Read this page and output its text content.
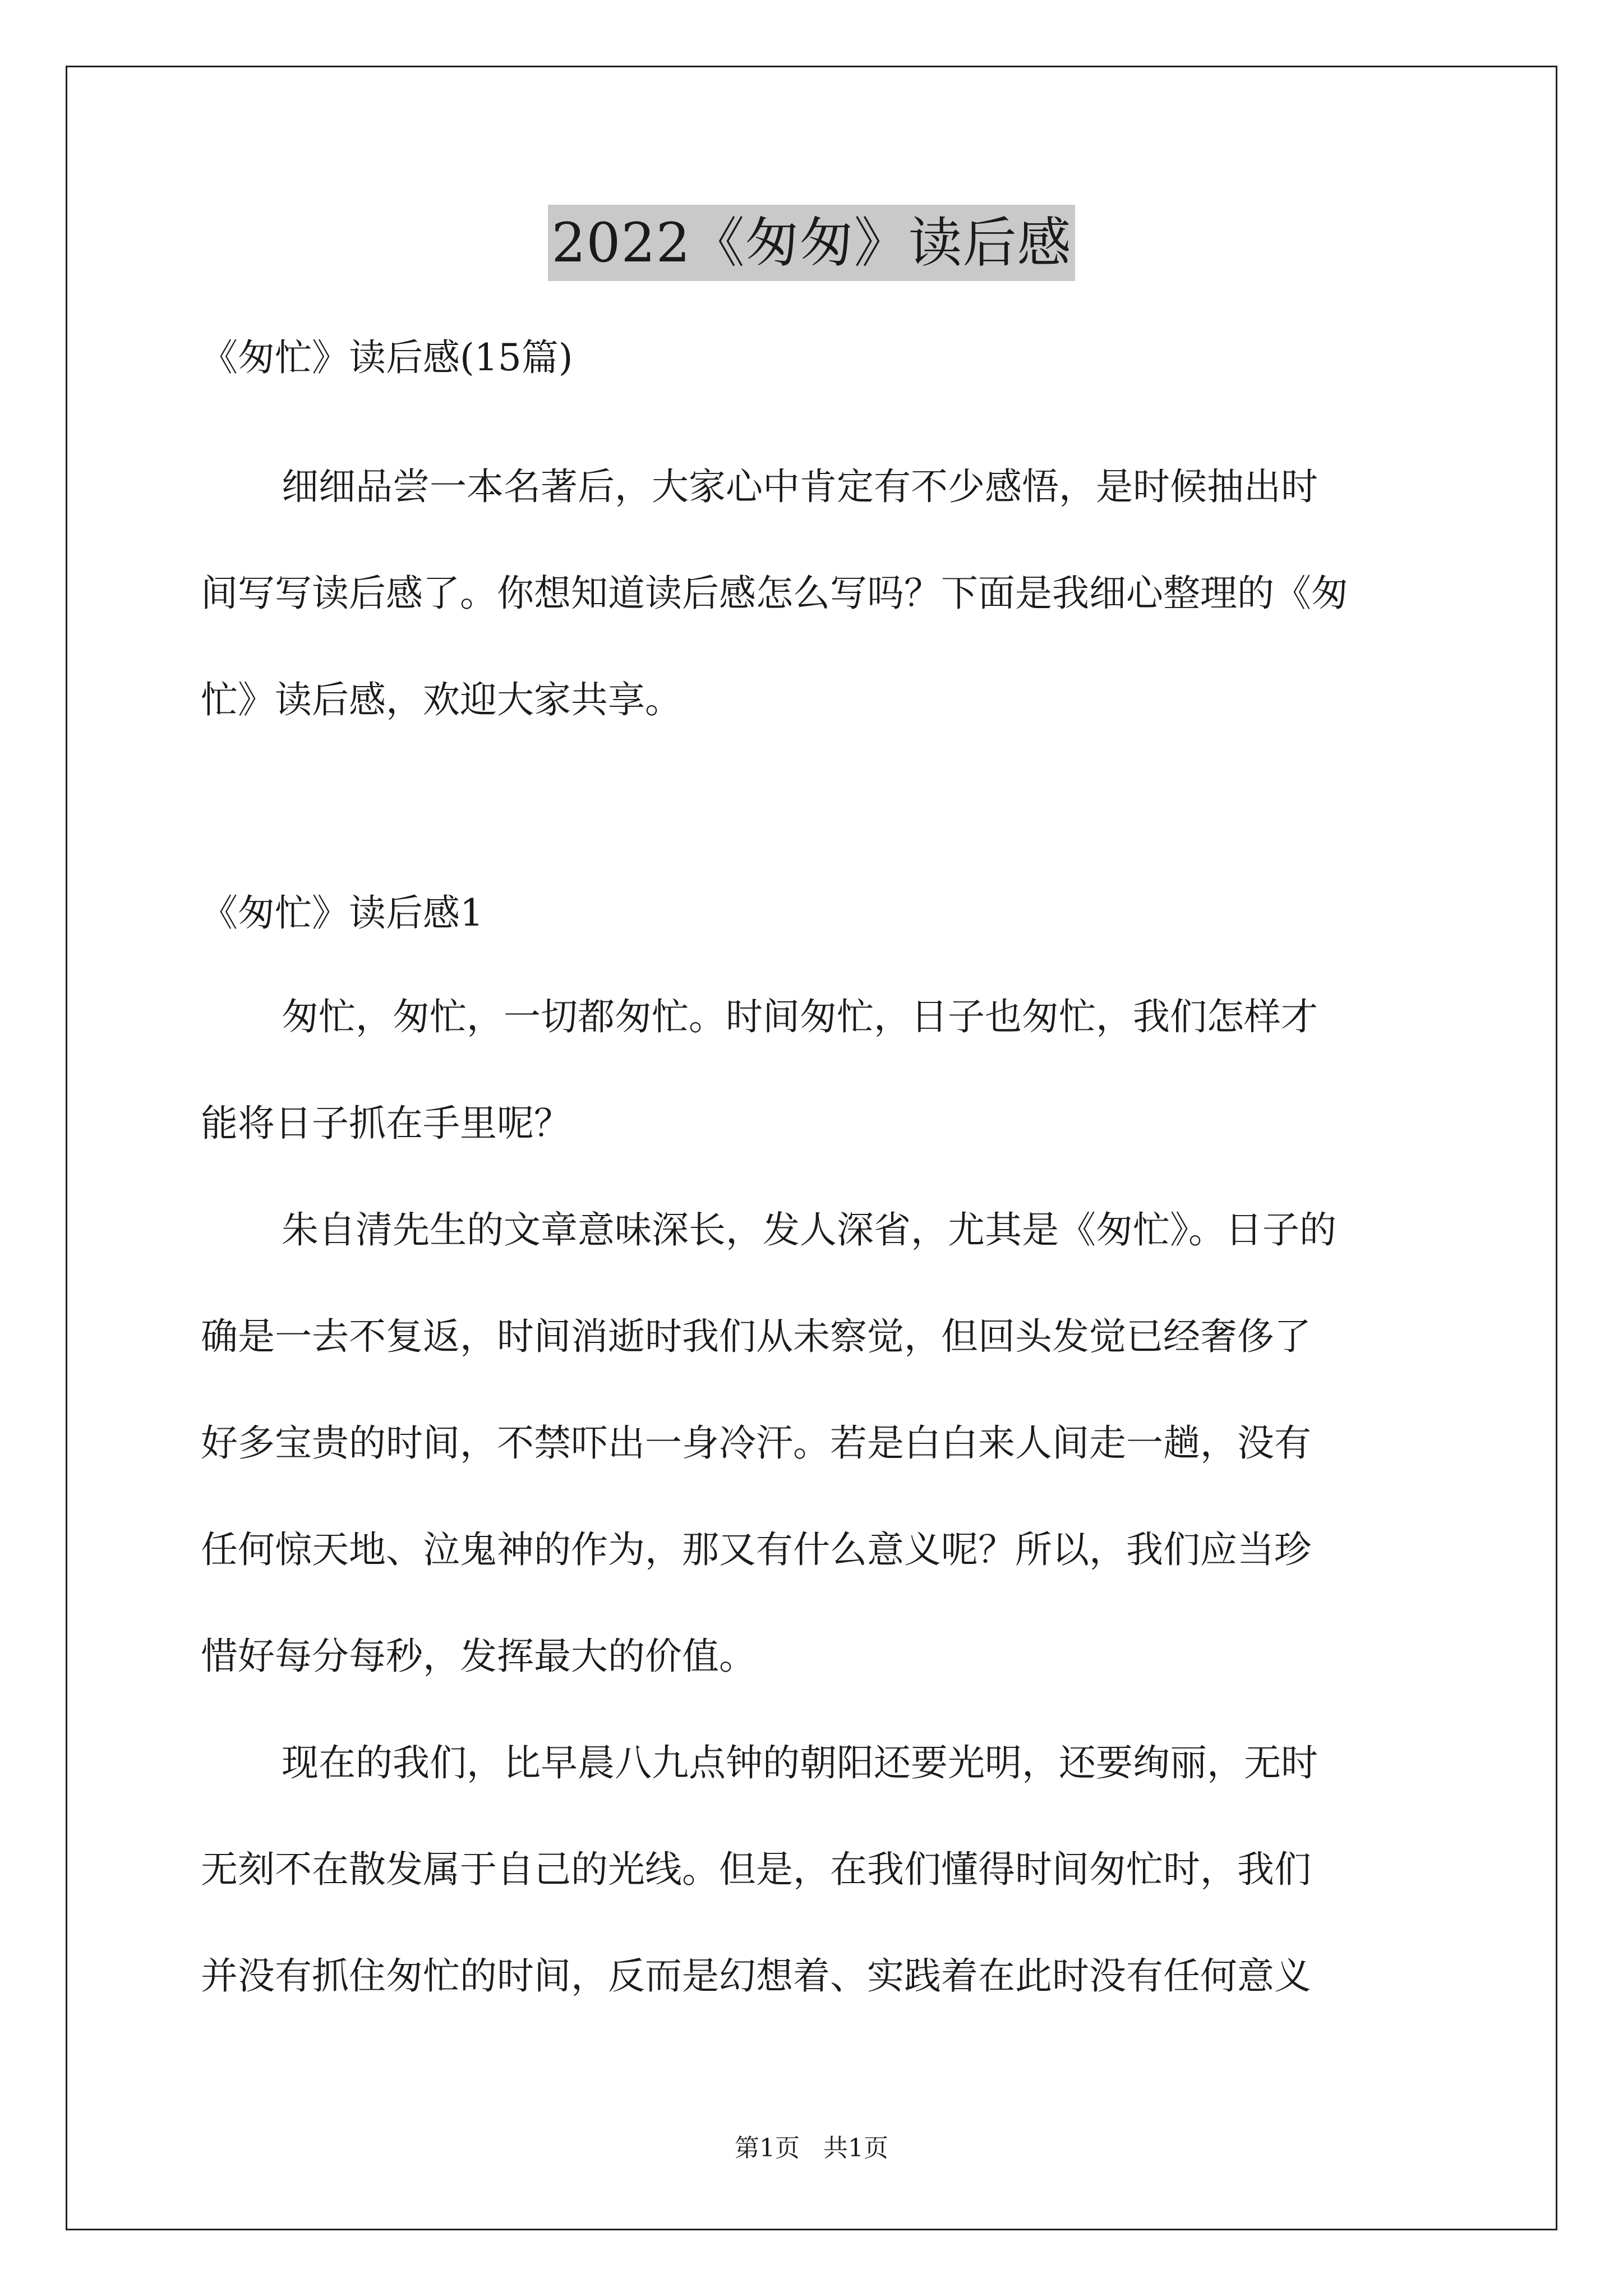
2022《匆匆》读后感
《匆忙》读后感(15篇)
细细品尝一本名著后，大家心中肯定有不少感悟，是时候抽出时
间写写读后感了。你想知道读后感怎么写吗？下面是我细心整理的《匆
忙》读后感，欢迎大家共享。
《匆忙》读后感1
匆忙，匆忙，一切都匆忙。时间匆忙，日子也匆忙，我们怎样才
能将日子抓在手里呢？
朱自清先生的文章意味深长，发人深省，尤其是《匆忙》。日子的
确是一去不复返，时间消逝时我们从未察觉，但回头发觉已经奢侈了
好多宝贵的时间，不禁吓出一身冷汗。若是白白来人间走一趟，没有
任何惊天地、泣鬼神的作为，那又有什么意义呢？所以，我们应当珍
惜好每分每秒，发挥最大的价值。
现在的我们，比早晨八九点钟的朝阳还要光明，还要绚丽，无时
无刻不在散发属于自己的光线。但是，在我们懂得时间匆忙时，我们
并没有抓住匆忙的时间，反而是幻想着、实践着在此时没有任何意义
第1页 共1页
